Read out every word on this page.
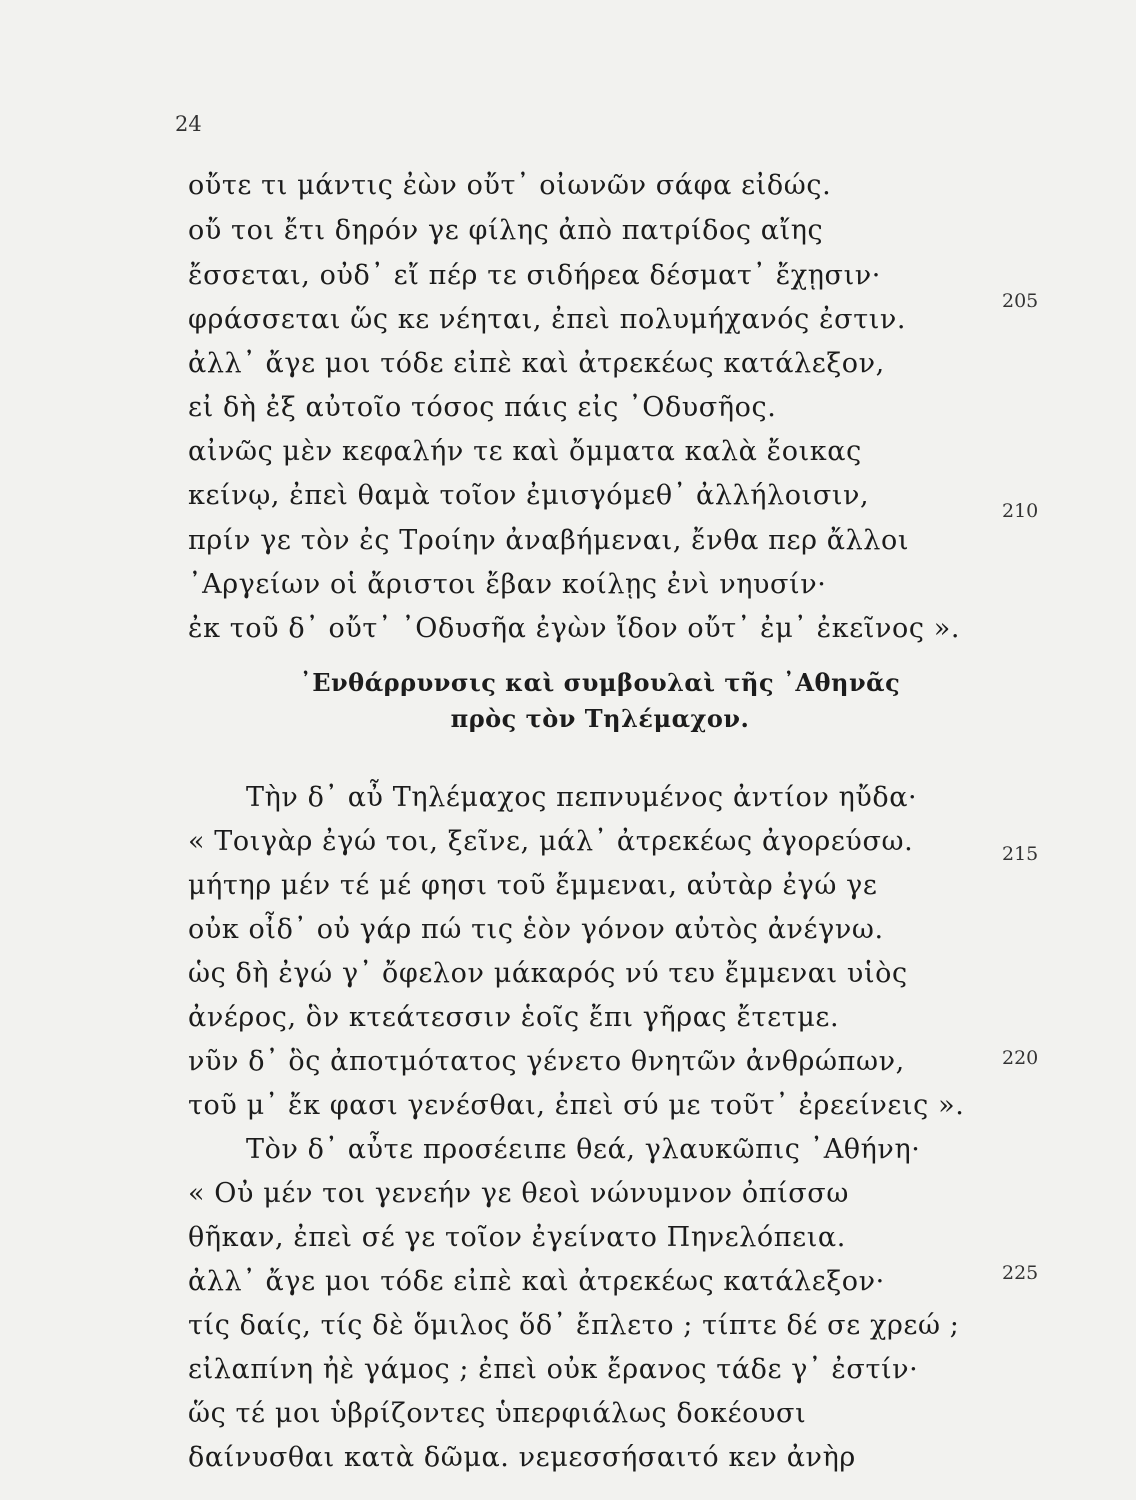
24
οὔτε τι μάντις ἐὼν οὔτ᾽ οἰωνῶν σάφα εἰδώς.
οὔ τοι ἔτι δηρόν γε φίλης ἀπὸ πατρίδος αἴης
ἔσσεται, οὐδ᾽ εἴ πέρ τε σιδήρεα δέσματ᾽ ἔχῃσιν·
φράσσεται ὥς κε νέηται, ἐπεὶ πολυμήχανός ἐστιν.
ἀλλ᾽ ἄγε μοι τόδε εἰπὲ καὶ ἀτρεκέως κατάλεξον,
εἰ δὴ ἐξ αὐτοῖο τόσος πάις εἰς ᾽Οδυσῆος.
αἰνῶς μὲν κεφαλήν τε καὶ ὄμματα καλὰ ἔοικας
κείνῳ, ἐπεὶ θαμὰ τοῖον ἐμισγόμεθ᾽ ἀλλήλοισιν,
πρίν γε τὸν ἐς Τροίην ἀναβήμεναι, ἔνθα περ ἄλλοι
᾽Αργείων οἱ ἄριστοι ἔβαν κοίλῃς ἐνὶ νηυσίν·
ἐκ τοῦ δ᾽ οὔτ᾽ ᾽Οδυσῆα ἐγὼν ἴδον οὔτ᾽ ἐμ᾽ ἐκεῖνος ».
᾽Ενθάρρυνσις καὶ συμβουλαὶ τῆς ᾽Αθηνᾶς
πρὸς τὸν Τηλέμαχον.
Τὴν δ᾽ αὖ Τηλέμαχος πεπνυμένος ἀντίον ηὔδα·
« Τοιγὰρ ἐγώ τοι, ξεῖνε, μάλ᾽ ἀτρεκέως ἀγορεύσω.
μήτηρ μέν τέ μέ φησι τοῦ ἔμμεναι, αὐτὰρ ἐγώ γε
οὐκ οἶδ᾽ οὐ γάρ πώ τις ἑὸν γόνον αὐτὸς ἀνέγνω.
ὡς δὴ ἐγώ γ᾽ ὄφελον μάκαρός νύ τευ ἔμμεναι υἱὸς
ἀνέρος, ὃν κτεάτεσσιν ἑοῖς ἔπι γῆρας ἔτετμε.
νῦν δ᾽ ὃς ἀποτμότατος γένετο θνητῶν ἀνθρώπων,
τοῦ μ᾽ ἔκ φασι γενέσθαι, ἐπεὶ σύ με τοῦτ᾽ ἐρεείνεις ».
Τὸν δ᾽ αὖτε προσέειπε θεά, γλαυκῶπις ᾽Αθήνη·
« Οὐ μέν τοι γενεήν γε θεοὶ νώνυμνον ὀπίσσω
θῆκαν, ἐπεὶ σέ γε τοῖον ἐγείνατο Πηνελόπεια.
ἀλλ᾽ ἄγε μοι τόδε εἰπὲ καὶ ἀτρεκέως κατάλεξον·
τίς δαίς, τίς δὲ ὅμιλος ὅδ᾽ ἔπλετο ; τίπτε δέ σε χρεώ ;
εἰλαπίνη ἠὲ γάμος ; ἐπεὶ οὐκ ἔρανος τάδε γ᾽ ἐστίν·
ὥς τέ μοι ὑβρίζοντες ὑπερφιάλως δοκέουσι
δαίνυσθαι κατὰ δῶμα. νεμεσσήσαιτό κεν ἀνὴρ
205
210
215
220
225
